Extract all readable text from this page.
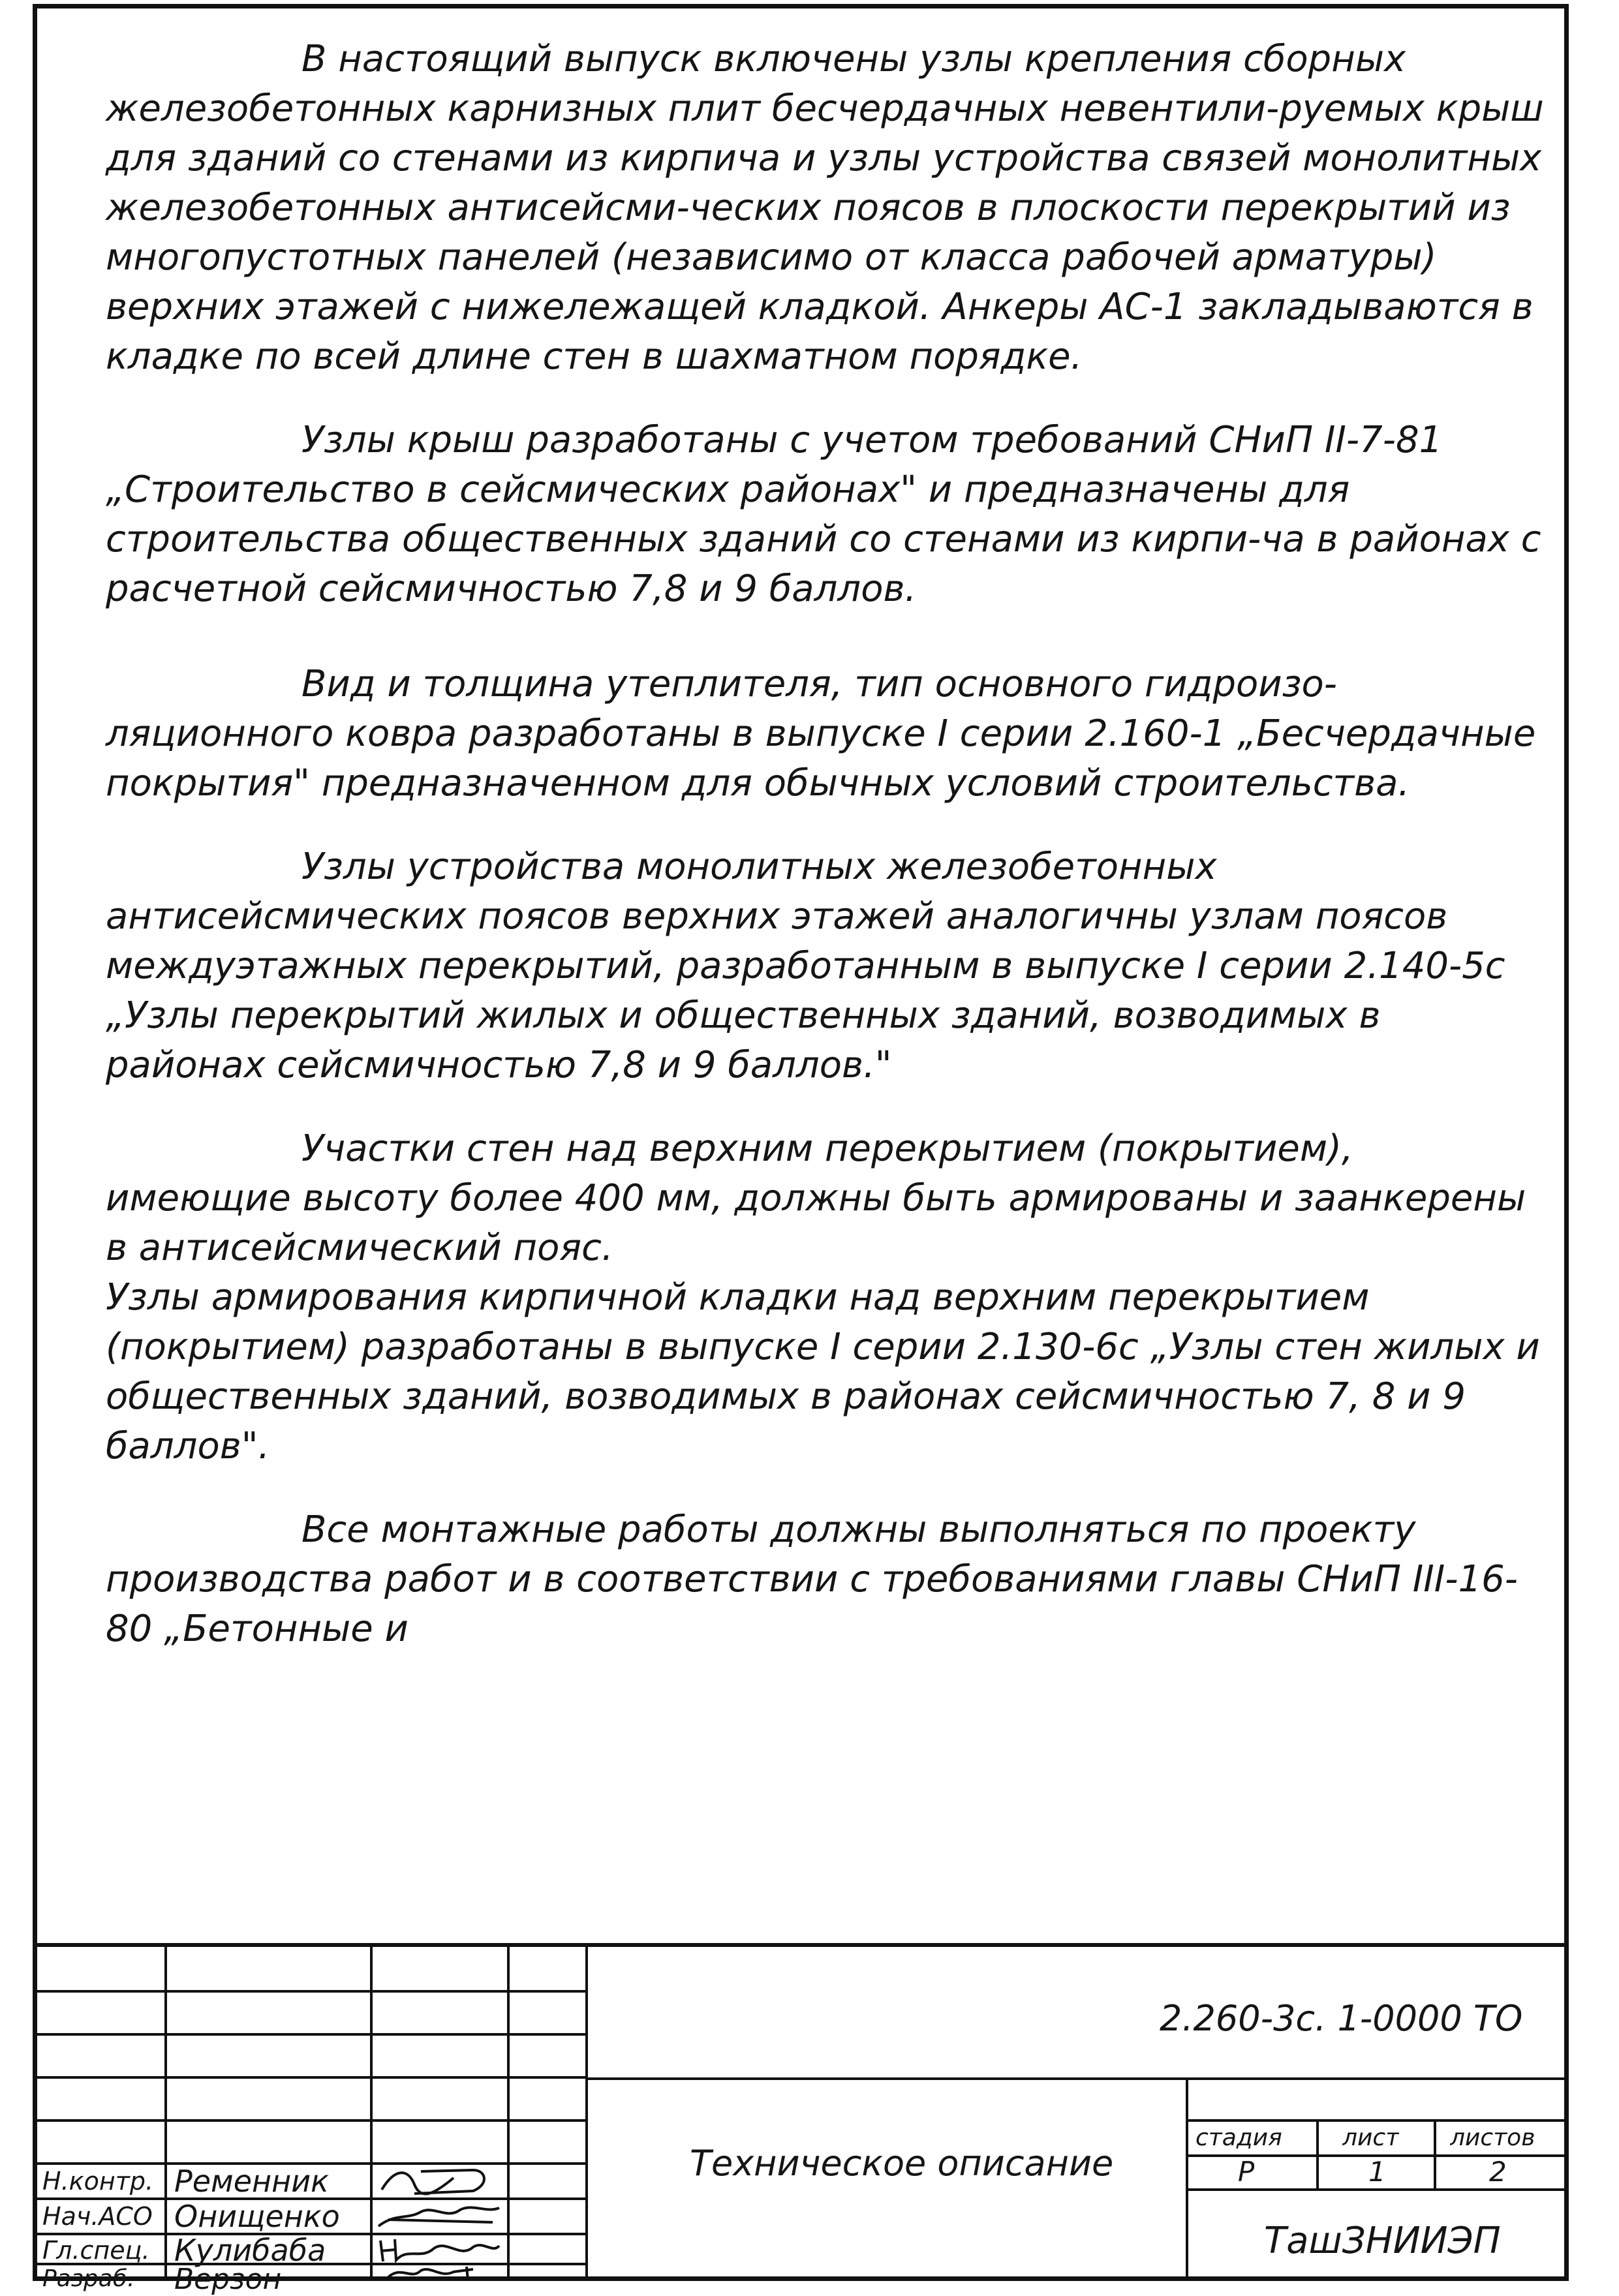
В настоящий выпуск включены узлы крепления сборных железобетонных карнизных плит бесчердачных невентили-руемых крыш для зданий со стенами из кирпича и узлы устройства связей монолитных железобетонных антисейсми-ческих поясов в плоскости перекрытий из многопустотных панелей (независимо от класса рабочей арматуры) верхних этажей с нижележащей кладкой. Анкеры АС-1 закладываются в кладке по всей длине стен в шахматном порядке.

Узлы крыш разработаны с учетом требований СНиП II-7-81 „Строительство в сейсмических районах" и предназначены для строительства общественных зданий со стенами из кирпи-ча в районах с расчетной сейсмичностью 7,8 и 9 баллов.

Вид и толщина утеплителя, тип основного гидроизо-ляционного ковра разработаны в выпуске I серии 2.160-1 „Бесчердачные покрытия" предназначенном для обычных условий строительства.

Узлы устройства монолитных железобетонных антисейсмических поясов верхних этажей аналогичны узлам поясов междуэтажных перекрытий, разработанным в выпуске I серии 2.140-5с „Узлы перекрытий жилых и общественных зданий, возводимых в районах сейсмичностью 7,8 и 9 баллов."

Участки стен над верхним перекрытием (покрытием), имеющие высоту более 400 мм, должны быть армированы и заанкерены в антисейсмический пояс.

Узлы армирования кирпичной кладки над верхним перекрытием (покрытием) разработаны в выпуске I серии 2.130-6с „Узлы стен жилых и общественных зданий, возводимых в районах сейсмичностью 7, 8 и 9 баллов".

Все монтажные работы должны выполняться по проекту производства работ и в соответствии с требованиями главы СНиП III-16-80 „Бетонные и

2.260-3с. 1-0000 ТО
Техническое описание
стадия	лист листов
Р	1	2
ТашЗНИИЭП
Н.контр. Ременник
Нач.АСО Онищенко
Гл.спец. Кулибаба
Разраб. Верзон
